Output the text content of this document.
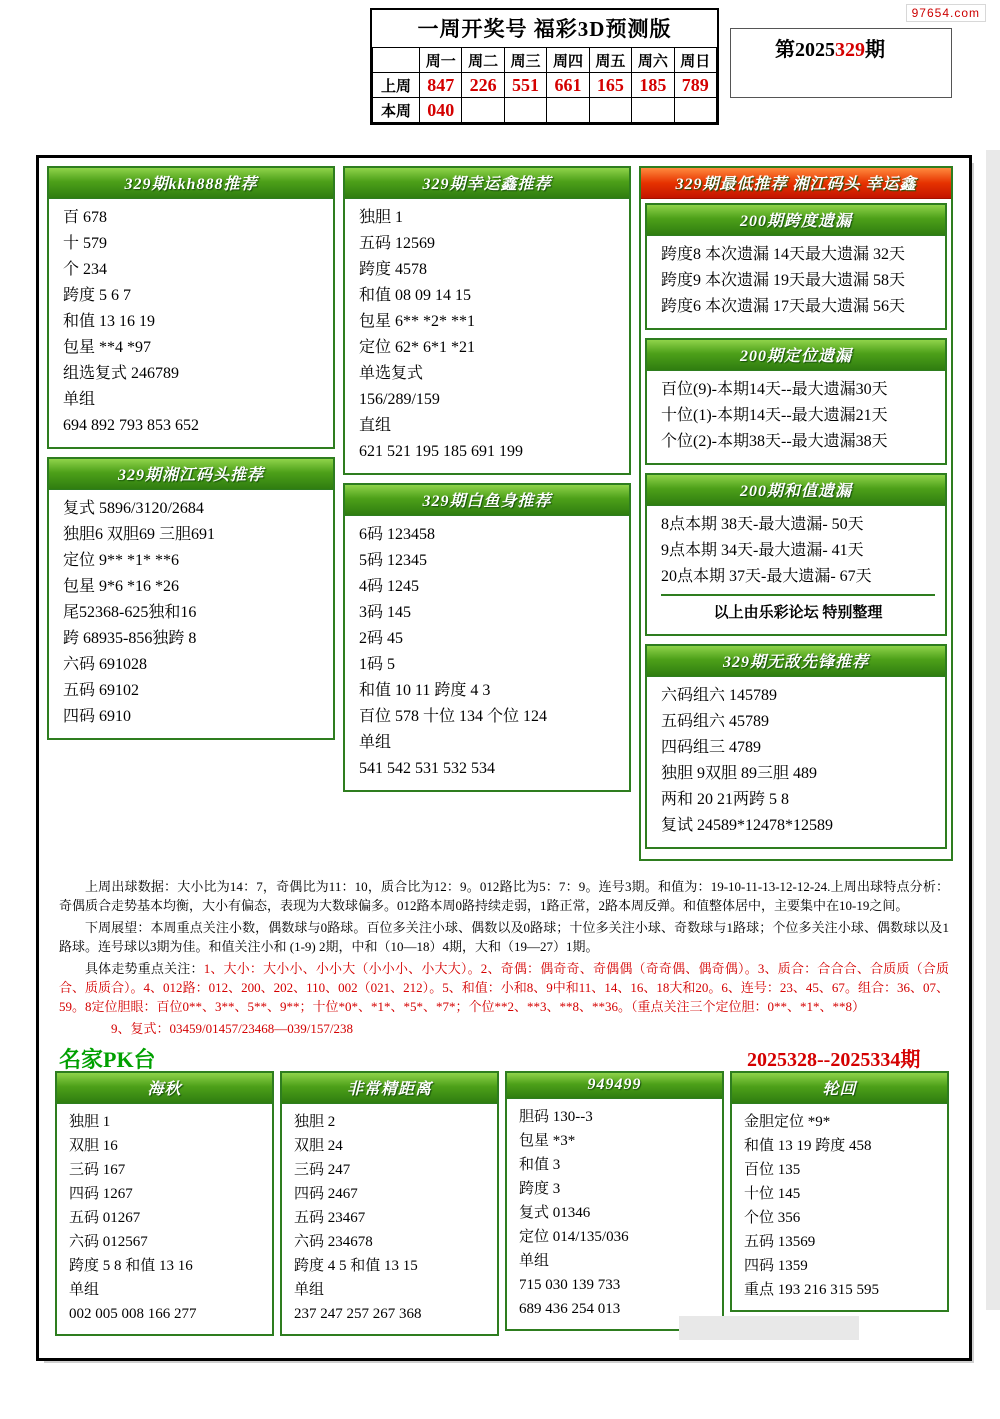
97654.com
一周开奖号 福彩3D预测版
	周一	周二	周三	周四	周五	周六	周日
上周	847	226	551	661	165	185	789
本周	040						
第2025329期
329期kkh888推荐
百 678
十 579
个 234
跨度 5 6 7
和值 13 16 19
包星 **4 *97
组选复式 246789
单组
694 892 793 853 652
329期湘江码头推荐
复式 5896/3120/2684
独胆6 双胆69 三胆691
定位 9** *1* **6
包星 9*6 *16 *26
尾52368-625独和16
跨 68935-856独跨 8
六码 691028
五码 69102
四码 6910
329期幸运鑫推荐
独胆 1
五码 12569
跨度 4578
和值 08 09 14 15
包星 6** *2* **1
定位 62* 6*1 *21
单选复式
156/289/159
直组
621 521 195 185 691 199
329期白鱼身推荐
6码 123458
5码 12345
4码 1245
3码 145
2码 45
1码 5
和值 10 11 跨度 4 3
百位 578 十位 134 个位 124
单组
541 542 531 532 534
329期最低推荐 湘江码头 幸运鑫
200期跨度遗漏
跨度8 本次遗漏 14天最大遗漏 32天
跨度9 本次遗漏 19天最大遗漏 58天
跨度6 本次遗漏 17天最大遗漏 56天
200期定位遗漏
百位(9)-本期14天--最大遗漏30天
十位(1)-本期14天--最大遗漏21天
个位(2)-本期38天--最大遗漏38天
200期和值遗漏
8点本期 38天-最大遗漏- 50天
9点本期 34天-最大遗漏- 41天
20点本期 37天-最大遗漏- 67天
以上由乐彩论坛 特别整理
329期无敌先锋推荐
六码组六 145789
五码组六 45789
四码组三 4789
独胆 9双胆 89三胆 489
两和 20 21两跨 5 8
复试 24589*12478*12589

上周出球数据：大小比为14：7，奇偶比为11：10，质合比为12：9。012路比为5：7：9。连号3期。和值为：19-10-11-13-12-12-24.上周出球特点分析：奇偶质合走势基本均衡，大小有偏态，表现为大数球偏多。012路本周0路持续走弱，1路正常，2路本周反弹。和值整体居中，主要集中在10-19之间。

下周展望：本周重点关注小数，偶数球与0路球。百位多关注小球、偶数以及0路球；十位多关注小球、奇数球与1路球；个位多关注小球、偶数球以及1路球。连号球以3期为佳。和值关注小和 (1-9) 2期，中和（10—18）4期，大和（19—27）1期。

具体走势重点关注：1、大小：大小小、小小大（小小小、小大大）。2、奇偶：偶奇奇、奇偶偶（奇奇偶、偶奇偶）。3、质合：合合合、合质质（合质合、质质合）。4、012路：012、200、202、110、002（021、212）。5、和值：小和8、9中和11、14、16、18大和20。6、连号：23、45、67。组合：36、07、59。8定位胆眼：百位0**、3**、5**、9**；十位*0*、*1*、*5*、*7*；个位**2、**3、**8、**36。（重点关注三个定位胆：0**、*1*、**8）

9、复式：03459/01457/23468—039/157/238

名家PK台	2025328--2025334期
海秋
独胆 1
双胆 16
三码 167
四码 1267
五码 01267
六码 012567
跨度 5 8 和值 13 16
单组
002 005 008 166 277
非常精距离
独胆 2
双胆 24
三码 247
四码 2467
五码 23467
六码 234678
跨度 4 5 和值 13 15
单组
237 247 257 267 368
949499
胆码 130--3
包星 *3*
和值 3
跨度 3
复式 01346
定位 014/135/036
单组
715 030 139 733
689 436 254 013
轮回
金胆定位 *9*
和值 13 19 跨度 458
百位 135
十位 145
个位 356
五码 13569
四码 1359
重点 193 216 315 595
